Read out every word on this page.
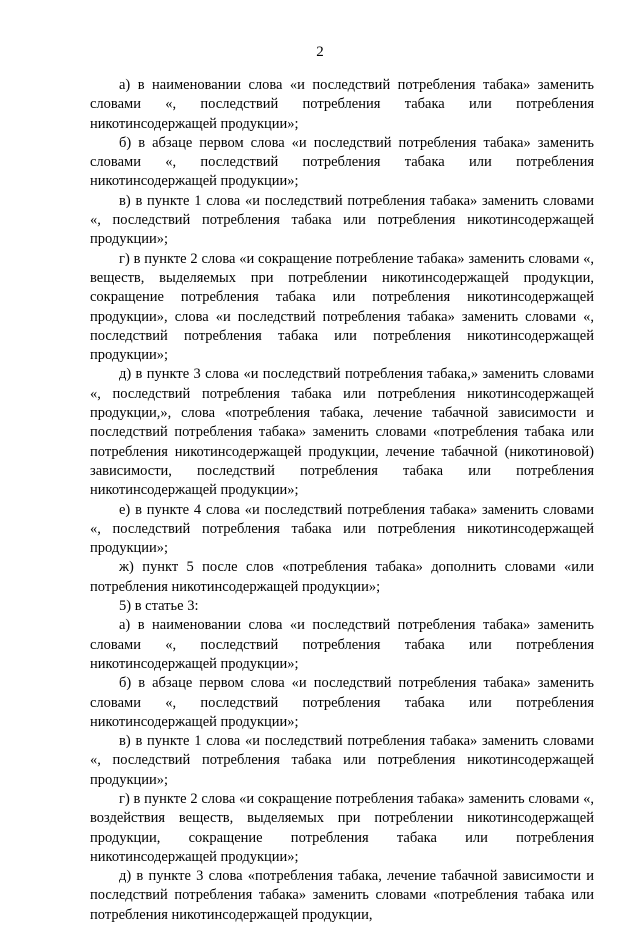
2

а) в наименовании слова «и последствий потребления табака» заменить словами «, последствий потребления табака или потребления никотинсодержащей продукции»;

б) в абзаце первом слова «и последствий потребления табака» заменить словами «, последствий потребления табака или потребления никотинсодержащей продукции»;

в) в пункте 1 слова «и последствий потребления табака» заменить словами «, последствий потребления табака или потребления никотинсодержащей продукции»;

г) в пункте 2 слова «и сокращение потребление табака» заменить словами «, веществ, выделяемых при потреблении никотинсодержащей продукции, сокращение потребления табака или потребления никотинсодержащей продукции», слова «и последствий потребления табака» заменить словами «, последствий потребления табака или потребления никотинсодержащей продукции»;

д) в пункте 3 слова «и последствий потребления табака,» заменить словами «, последствий потребления табака или потребления никотинсодержащей продукции,», слова «потребления табака, лечение табачной зависимости и последствий потребления табака» заменить словами «потребления табака или потребления никотинсодержащей продукции, лечение табачной (никотиновой) зависимости, последствий потребления табака или потребления никотинсодержащей продукции»;

е) в пункте 4 слова «и последствий потребления табака» заменить словами «, последствий потребления табака или потребления никотинсодержащей продукции»;

ж) пункт 5 после слов «потребления табака» дополнить словами «или потребления никотинсодержащей продукции»;

5) в статье 3:

а) в наименовании слова «и последствий потребления табака» заменить словами «, последствий потребления табака или потребления никотинсодержащей продукции»;

б) в абзаце первом слова «и последствий потребления табака» заменить словами «, последствий потребления табака или потребления никотинсодержащей продукции»;

в) в пункте 1 слова «и последствий потребления табака» заменить словами «, последствий потребления табака или потребления никотинсодержащей продукции»;

г) в пункте 2 слова «и сокращение потребления табака» заменить словами «, воздействия веществ, выделяемых при потреблении никотинсодержащей продукции, сокращение потребления табака или потребления никотинсодержащей продукции»;

д) в пункте 3 слова «потребления табака, лечение табачной зависимости и последствий потребления табака» заменить словами «потребления табака или потребления никотинсодержащей продукции,
